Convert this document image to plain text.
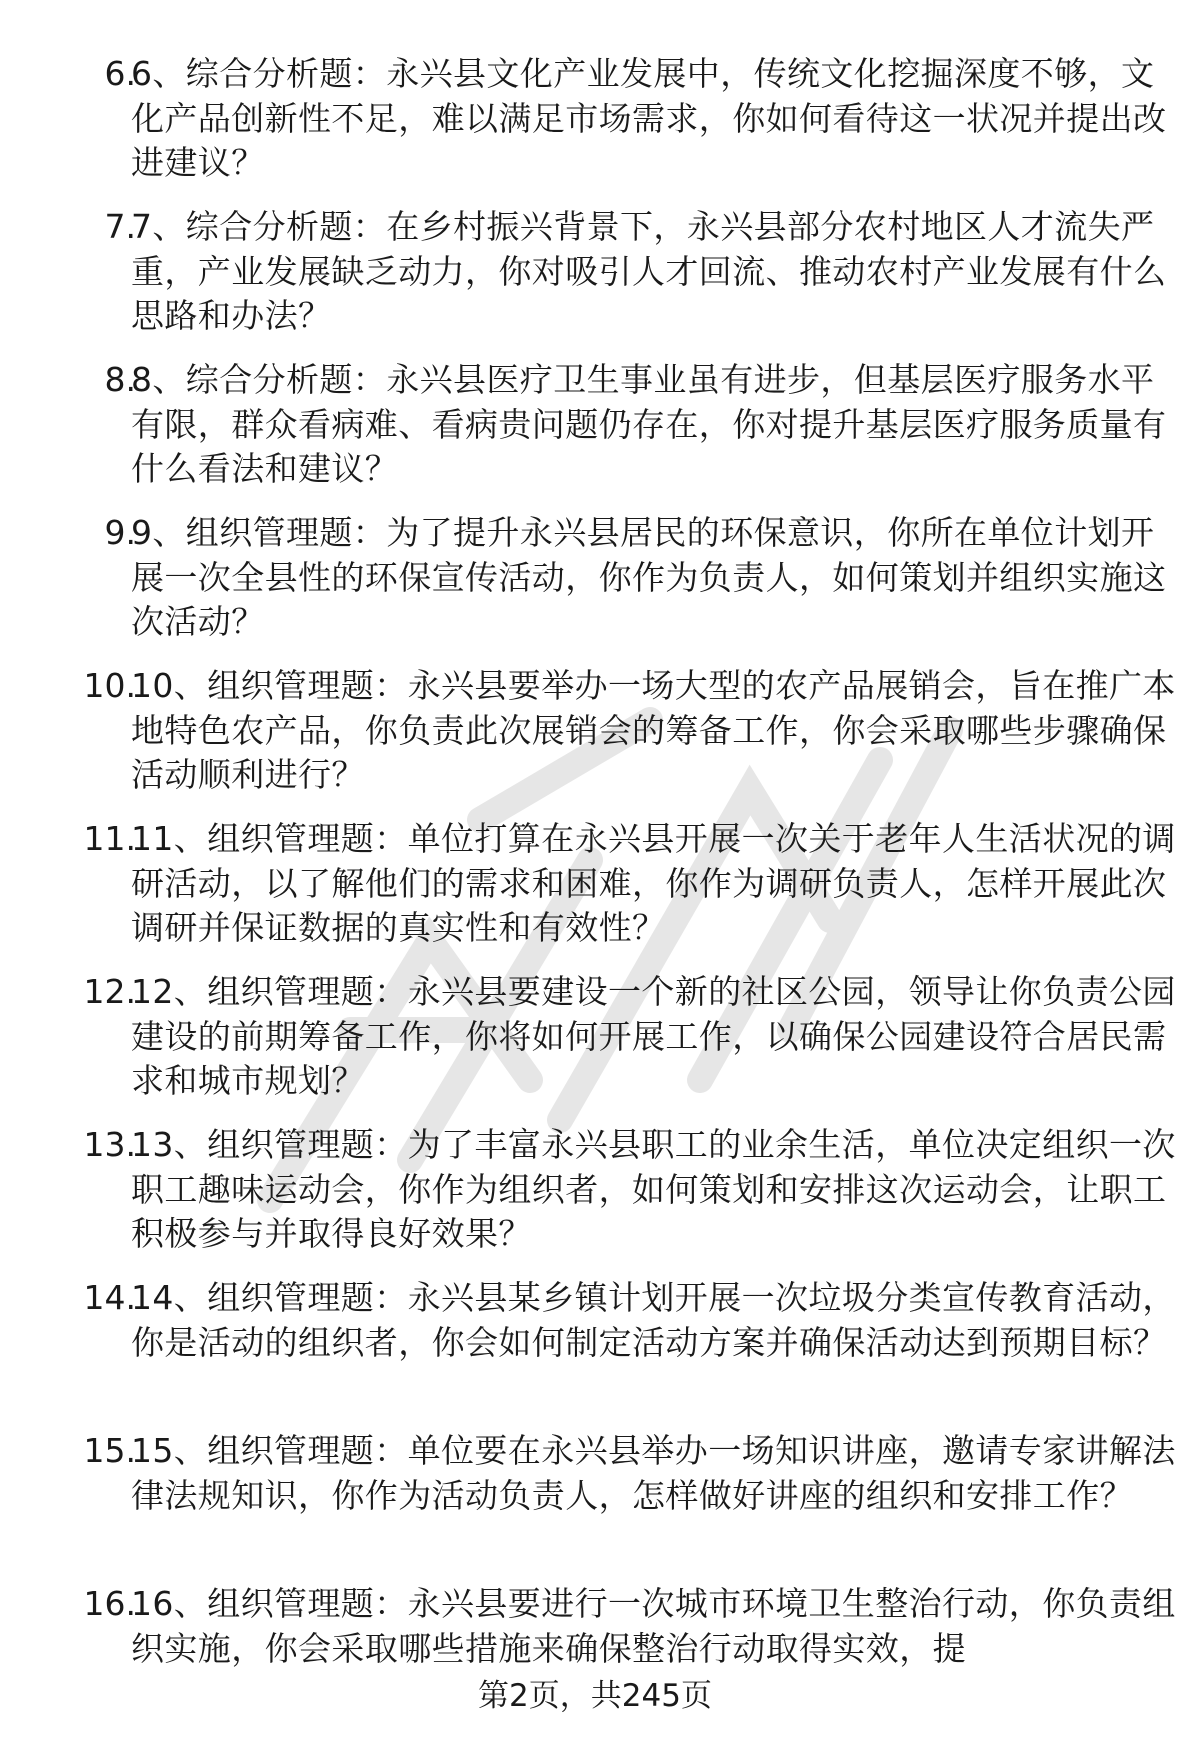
6.
6、综合分析题：永兴县文化产业发展中，传统文化挖掘深度不够，文化产品创新性不足，难以满足市场需求，你如何看待这一状况并提出改进建议？
7.
7、综合分析题：在乡村振兴背景下，永兴县部分农村地区人才流失严重，产业发展缺乏动力，你对吸引人才回流、推动农村产业发展有什么思路和办法？
8.
8、综合分析题：永兴县医疗卫生事业虽有进步，但基层医疗服务水平有限，群众看病难、看病贵问题仍存在，你对提升基层医疗服务质量有什么看法和建议？
9.
9、组织管理题：为了提升永兴县居民的环保意识，你所在单位计划开展一次全县性的环保宣传活动，你作为负责人，如何策划并组织实施这次活动？
10.
10、组织管理题：永兴县要举办一场大型的农产品展销会，旨在推广本地特色农产品，你负责此次展销会的筹备工作，你会采取哪些步骤确保活动顺利进行？
11.
11、组织管理题：单位打算在永兴县开展一次关于老年人生活状况的调研活动，以了解他们的需求和困难，你作为调研负责人，怎样开展此次调研并保证数据的真实性和有效性？
12.
12、组织管理题：永兴县要建设一个新的社区公园，领导让你负责公园建设的前期筹备工作，你将如何开展工作，以确保公园建设符合居民需求和城市规划？
13.
13、组织管理题：为了丰富永兴县职工的业余生活，单位决定组织一次职工趣味运动会，你作为组织者，如何策划和安排这次运动会，让职工积极参与并取得良好效果？
14.
14、组织管理题：永兴县某乡镇计划开展一次垃圾分类宣传教育活动，你是活动的组织者，你会如何制定活动方案并确保活动达到预期目标？
15.
15、组织管理题：单位要在永兴县举办一场知识讲座，邀请专家讲解法律法规知识，你作为活动负责人，怎样做好讲座的组织和安排工作？
16.
16、组织管理题：永兴县要进行一次城市环境卫生整治行动，你负责组织实施，你会采取哪些措施来确保整治行动取得实效，提
第2页，共245页
